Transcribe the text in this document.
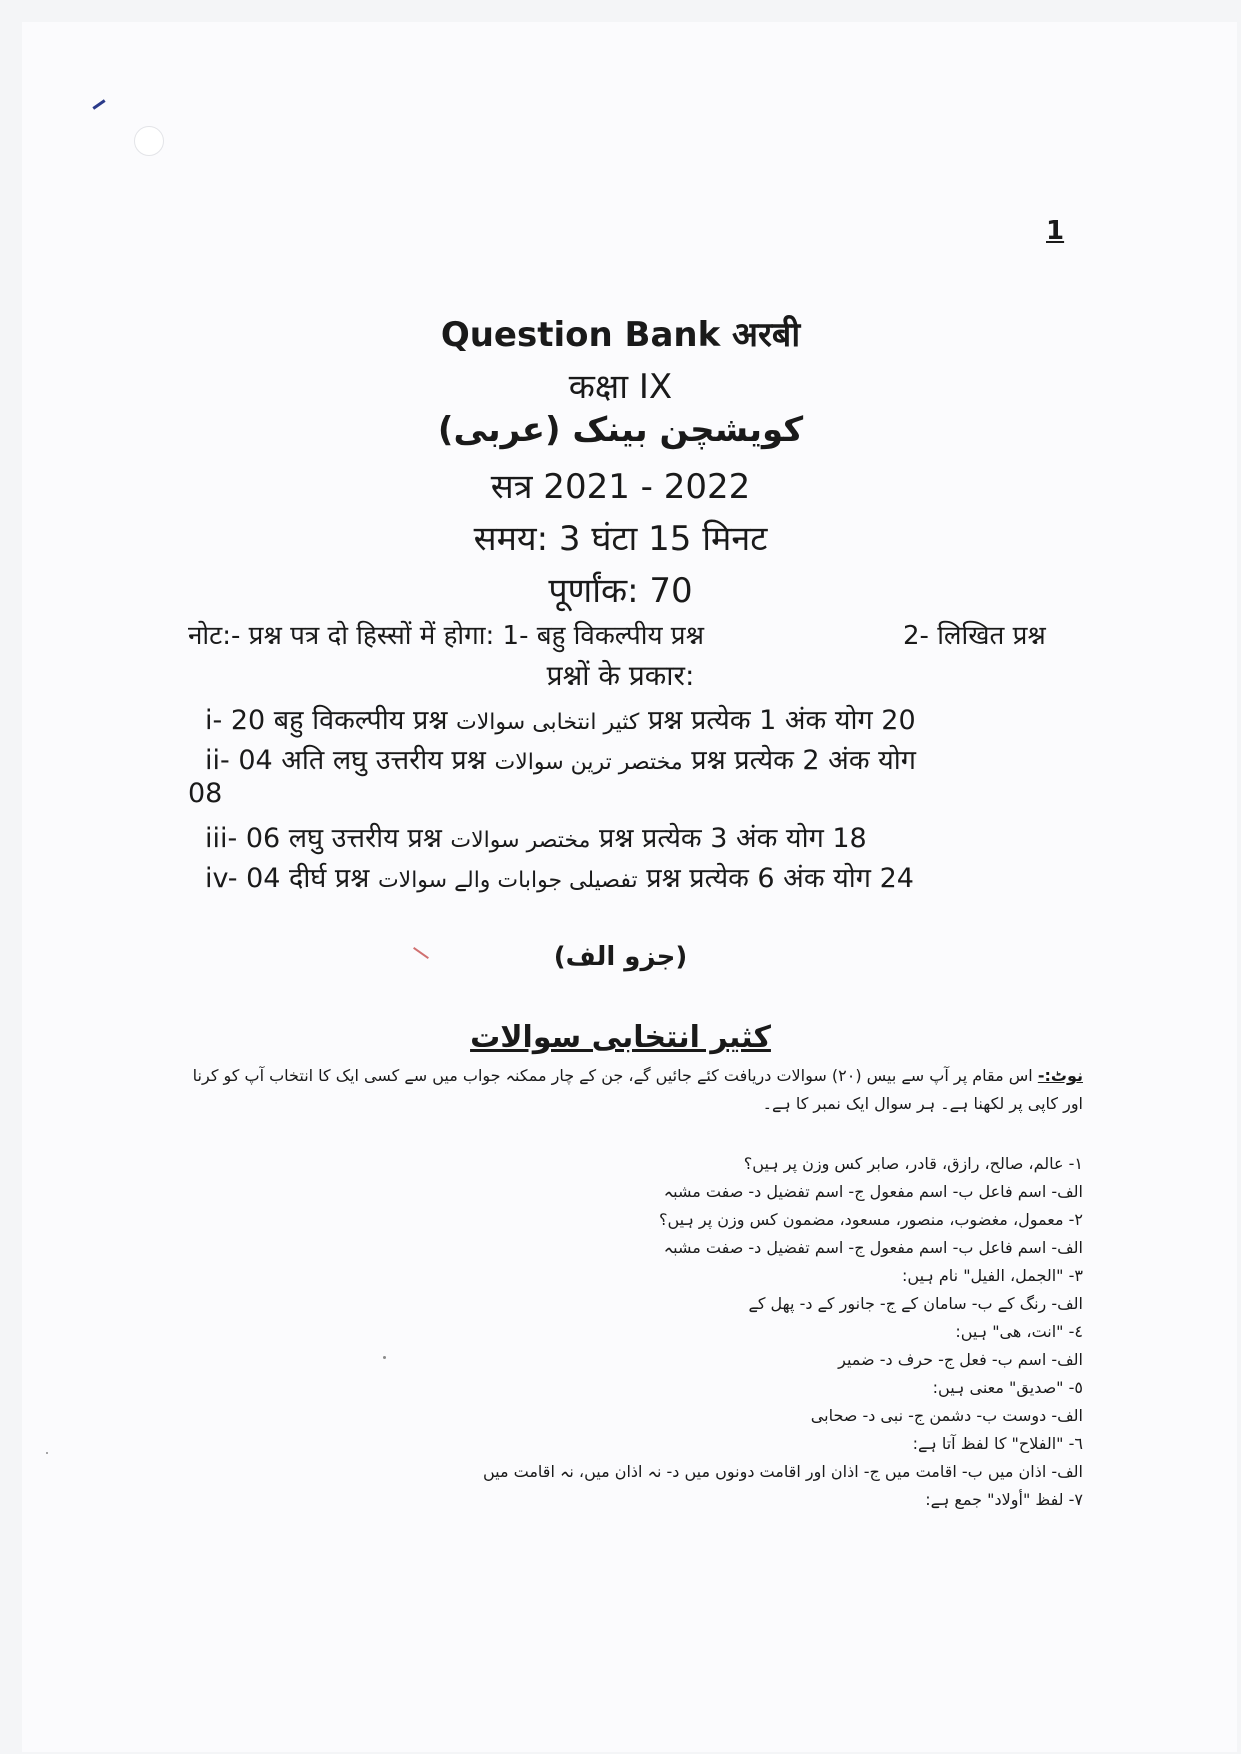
1
Question Bank अरबी
कक्षा IX
کویشچن بینک (عربی)
सत्र 2021 - 2022
समय: 3 घंटा 15 मिनट
पूर्णांक: 70
नोट:- प्रश्न पत्र दो हिस्सों में होगा: 1- बहु विकल्पीय प्रश्न	2- लिखित प्रश्न
प्रश्नों के प्रकार:
i- 20 बहु विकल्पीय प्रश्न کثیر انتخابی سوالات प्रश्न प्रत्येक 1 अंक योग 20
ii- 04 अति लघु उत्तरीय प्रश्न مختصر ترین سوالات प्रश्न प्रत्येक 2 अंक योग
08
iii- 06 लघु उत्तरीय प्रश्न مختصر سوالات प्रश्न प्रत्येक 3 अंक योग 18
iv- 04 दीर्घ प्रश्न تفصیلی جوابات والے سوالات प्रश्न प्रत्येक 6 अंक योग 24
(جزو الف)
کثیر انتخابی سوالات
نوٹ:- اس مقام پر آپ سے بیس (۲۰) سوالات دریافت کئے جائیں گے، جن کے چار ممکنہ جواب میں سے کسی ایک کا انتخاب آپ کو کرنا اور کاپی پر لکھنا ہے۔ ہر سوال ایک نمبر کا ہے۔
۱- عالم، صالح، رازق، قادر، صابر کس وزن پر ہیں؟
الف- اسم فاعل ب- اسم مفعول ج- اسم تفضیل د- صفت مشبہ
۲- معمول، مغضوب، منصور، مسعود، مضمون کس وزن پر ہیں؟
الف- اسم فاعل ب- اسم مفعول ج- اسم تفضیل د- صفت مشبہ
۳- "الجمل، الفیل" نام ہیں:
الف- رنگ کے ب- سامان کے ج- جانور کے د- پھل کے
٤- "انت، ھی" ہیں:
الف- اسم ب- فعل ج- حرف د- ضمیر
٥- "صدیق" معنی ہیں:
الف- دوست ب- دشمن ج- نبی د- صحابی
٦- "الفلاح" کا لفظ آتا ہے:
الف- اذان میں ب- اقامت میں ج- اذان اور اقامت دونوں میں د- نہ اذان میں، نہ اقامت میں
۷- لفظ "أولاد" جمع ہے:
